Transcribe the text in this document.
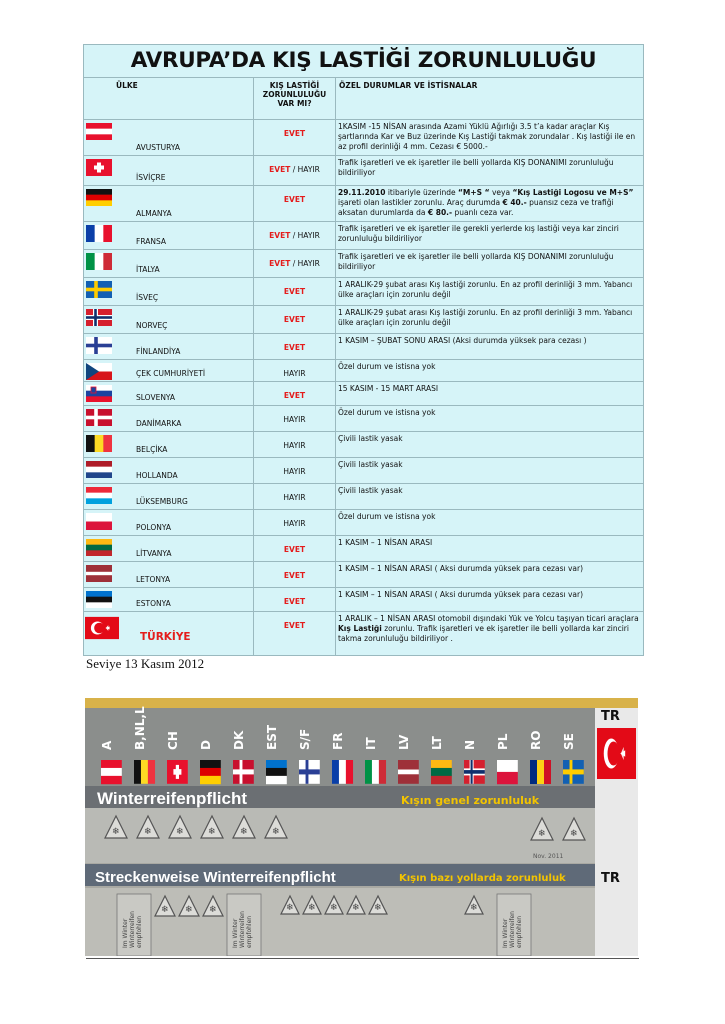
AVRUPA’DA KIŞ LASTİĞİ ZORUNLULUĞU		
ÜLKE	KIŞ LASTİĞİ
ZORUNLULUĞU
VAR MI?	ÖZEL DURUMLAR VE İSTİSNALAR

AVUSTURYA	EVET	1KASIM -15 NİSAN arasında Azami Yüklü Ağırlığı 3.5 t’a kadar araçlar Kış şartlarında Kar ve Buz üzerinde Kış Lastiği takmak zorundalar . Kış lastiği ile en az profil derinliği 4 mm. Cezası € 5000.-

İSVİÇRE	EVET / HAYIR	Trafik işaretleri ve ek işaretler ile belli yollarda KIŞ DONANIMI zorunluluğu bildiriliyor

ALMANYA	EVET	29.11.2010 itibariyle üzerinde “M+S “ veya “Kış Lastiği Logosu ve M+S” işareti olan lastikler zorunlu. Araç durumda € 40.- puansız ceza ve trafiği aksatan durumlarda da € 80.- puanlı ceza var.

FRANSA	EVET / HAYIR	Trafik işaretleri ve ek işaretler ile gerekli yerlerde kış lastiği veya kar zinciri zorunluluğu bildiriliyor

İTALYA	EVET / HAYIR	Trafik işaretleri ve ek işaretler ile belli yollarda KIŞ DONANIMI zorunluluğu bildiriliyor

İSVEÇ	EVET	1 ARALIK-29 şubat arası Kış lastiği zorunlu. En az profil derinliği 3 mm. Yabancı ülke araçları için zorunlu değil

NORVEÇ	EVET	1 ARALIK-29 şubat arası Kış lastiği zorunlu. En az profil derinliği 3 mm. Yabancı ülke araçları için zorunlu değil

FİNLANDİYA	EVET	1 KASIM – ŞUBAT SONU ARASI (Aksi durumda yüksek para cezası )

ÇEK CUMHURİYETİ	HAYIR	Özel durum ve istisna yok

SLOVENYA	EVET	15 KASIM - 15 MART ARASI

DANİMARKA	HAYIR	Özel durum ve istisna yok

BELÇİKA	HAYIR	Çivili lastik yasak

HOLLANDA	HAYIR	Çivili lastik yasak

LÜKSEMBURG	HAYIR	Çivili lastik yasak

POLONYA	HAYIR	Özel durum ve istisna yok

LİTVANYA	EVET	1 KASIM – 1 NİSAN ARASI

LETONYA	EVET	1 KASIM – 1 NİSAN ARASI ( Aksi durumda yüksek para cezası var)

ESTONYA	EVET	1 KASIM – 1 NİSAN ARASI ( Aksi durumda yüksek para cezası var)

TÜRKİYE	EVET	1 ARALIK – 1 NİSAN ARASI otomobil dışındaki Yük ve Yolcu taşıyan ticari araçlara Kış Lastiği zorunlu. Trafik işaretleri ve ek işaretler ile belli yollarda kar zinciri takma zorunluluğu bildiriliyor .
Seviye 13 Kasım 2012
A B,NL,L CH D DK EST S/F FR IT LV LT N PL RO SE
TR
Winterreifenpflicht	Kışın genel zorunluluk
❄	❄	❄	❄	❄	❄	❄	❄
Nov. 2011
Streckenweise Winterreifenpflicht	Kışın bazı yollarda zorunluluk	TR
Im Winter Winterreifen empfohlen	Im Winter Winterreifen empfohlen	Im Winter Winterreifen empfohlen
❄ ❄ ❄	❄ ❄ ❄ ❄ ❄	❄
